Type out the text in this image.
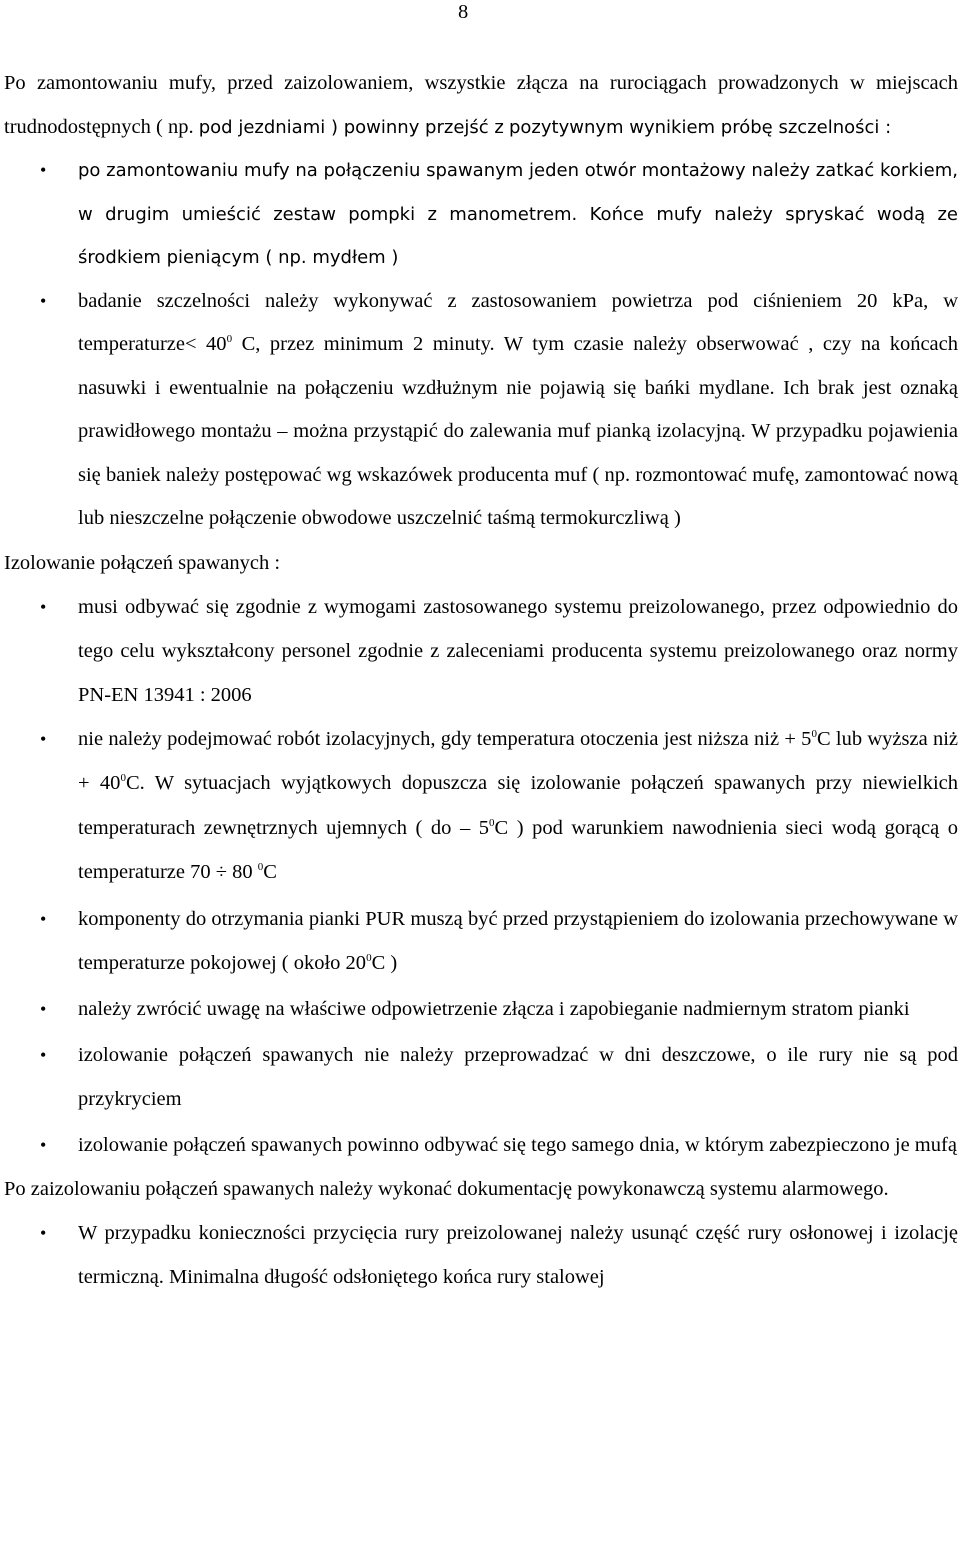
8

Po zamontowaniu mufy, przed zaizolowaniem, wszystkie złącza na rurociągach prowadzonych w miejscach trudnodostępnych ( np. pod jezdniami ) powinny przejść z pozytywnym wynikiem próbę szczelności :

• po zamontowaniu mufy na połączeniu spawanym jeden otwór montażowy należy zatkać korkiem, w drugim umieścić zestaw pompki z manometrem. Końce mufy należy spryskać wodą ze środkiem pieniącym ( np. mydłem )
• badanie szczelności należy wykonywać z zastosowaniem powietrza pod ciśnieniem 20 kPa, w temperaturze< $40^0$ C, przez minimum 2 minuty. W tym czasie należy obserwować , czy na końcach nasuwki i ewentualnie na połączeniu wzdłużnym nie pojawią się bańki mydlane. Ich brak jest oznaką prawidłowego montażu – można przystąpić do zalewania muf pianką izolacyjną. W przypadku pojawienia się baniek należy postępować wg wskazówek producenta muf ( np. rozmontować mufę, zamontować nową lub nieszczelne połączenie obwodowe uszczelnić taśmą termokurczliwą )

Izolowanie połączeń spawanych :

• musi odbywać się zgodnie z wymogami zastosowanego systemu preizolowanego, przez odpowiednio do tego celu wykształcony personel zgodnie z zaleceniami producenta systemu preizolowanego oraz normy PN-EN 13941 : 2006
• nie należy podejmować robót izolacyjnych, gdy temperatura otoczenia jest niższa niż + $5^0C$ lub wyższa niż + $40^0C$. W sytuacjach wyjątkowych dopuszcza się izolowanie połączeń spawanych przy niewielkich temperaturach zewnętrznych ujemnych ( do – $5^0C$ ) pod warunkiem nawodnienia sieci wodą gorącą o temperaturze 70 ÷ 80 $^0$C
• komponenty do otrzymania pianki PUR muszą być przed przystąpieniem do izolowania przechowywane w temperaturze pokojowej ( około $20^0C$ )
• należy zwrócić uwagę na właściwe odpowietrzenie złącza i zapobieganie nadmiernym stratom pianki
• izolowanie połączeń spawanych nie należy przeprowadzać w dni deszczowe, o ile rury nie są pod przykryciem
• izolowanie połączeń spawanych powinno odbywać się tego samego dnia, w którym zabezpieczono je mufą

Po zaizolowaniu połączeń spawanych należy wykonać dokumentację powykonawczą systemu alarmowego.

• W przypadku konieczności przycięcia rury preizolowanej należy usunąć część rury osłonowej i izolację termiczną. Minimalna długość odsłoniętego końca rury stalowej
